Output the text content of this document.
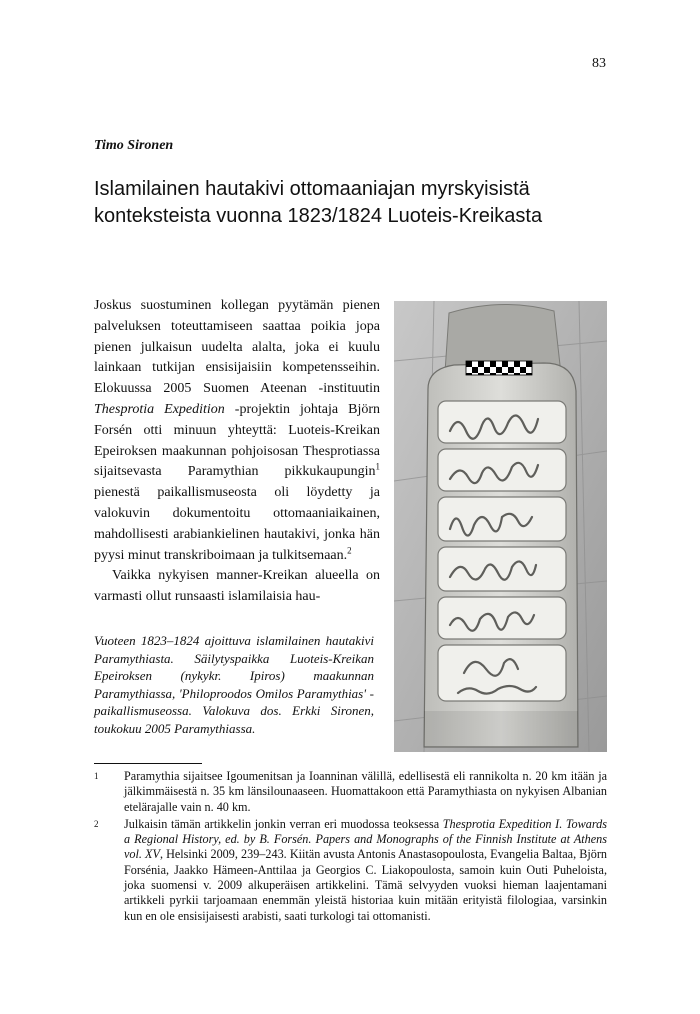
83
Timo Sironen
Islamilainen hautakivi ottomaaniajan myrskyisistä konteksteista vuonna 1823/1824 Luoteis-Kreikasta

Joskus suostuminen kollegan pyytämän pienen palveluksen toteuttamiseen saattaa poikia jopa pienen julkaisun uudelta alalta, joka ei kuulu lainkaan tutkijan ensisijaisiin kompetensseihin. Elokuussa 2005 Suomen Ateenan -instituutin Thesprotia Expedition -projektin johtaja Björn Forsén otti minuun yhteyttä: Luoteis-Kreikan Epeiroksen maakunnan pohjoisosan Thesprotiassa sijaitsevasta Paramythian pikkukaupungin$^1$ pienestä paikallismuseosta oli löydetty ja valokuvin dokumentoitu ottomaaniaikainen, mahdollisesti arabiankielinen hautakivi, jonka hän pyysi minut transkriboimaan ja tulkitsemaan.$^2$

Vaikka nykyisen manner-Kreikan alueella on varmasti ollut runsaasti islamilaisia hau-

Vuoteen 1823–1824 ajoittuva islamilainen hautakivi Paramythiasta. Säilytyspaikka Luoteis-Kreikan Epeiroksen (nykykr. Ipiros) maakunnan Paramythiassa, 'Philoproodos Omilos Paramythias' -paikallismuseossa. Valokuva dos. Erkki Sironen, toukokuu 2005 Paramythiassa.

1 Paramythia sijaitsee Igoumenitsan ja Ioanninan välillä, edellisestä eli rannikolta n. 20 km itään ja jälkimmäisestä n. 35 km länsilounaaseen. Huomattakoon että Paramythiasta on nykyisen Albanian etelärajalle vain n. 40 km.
2 Julkaisin tämän artikkelin jonkin verran eri muodossa teoksessa Thesprotia Expedition I. Towards a Regional History, ed. by B. Forsén. Papers and Monographs of the Finnish Institute at Athens vol. XV, Helsinki 2009, 239–243. Kiitän avusta Antonis Anastasopoulosta, Evangelia Baltaa, Björn Forsénia, Jaakko Hämeen-Anttilaa ja Georgios C. Liakopoulosta, samoin kuin Outi Puheloista, joka suomensi v. 2009 alkuperäisen artikkelini. Tämä selvyyden vuoksi hieman laajentamani artikkeli pyrkii tarjoamaan enemmän yleistä historiaa kuin mitään erityistä filologiaa, varsinkin kun en ole ensisijaisesti arabisti, saati turkologi tai ottomanisti.
